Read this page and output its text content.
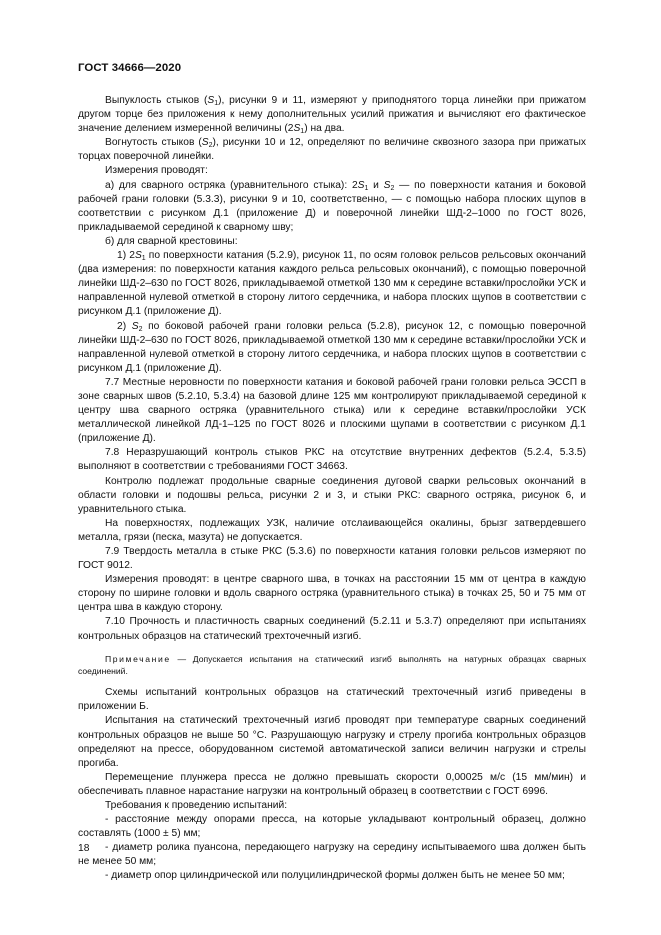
ГОСТ 34666—2020

Выпуклость стыков $(S_1)$, рисунки 9 и 11, измеряют у приподнятого торца линейки при прижатом другом торце без приложения к нему дополнительных усилий прижатия и вычисляют его фактическое значение делением измеренной величины $(2S_1)$ на два.

Вогнутость стыков $(S_2)$, рисунки 10 и 12, определяют по величине сквозного зазора при прижатых торцах поверочной линейки.

Измерения проводят:

а) для сварного остряка (уравнительного стыка): $2S_1$ и $S_2$ — по поверхности катания и боковой рабочей грани головки (5.3.3), рисунки 9 и 10, соответственно, — с помощью набора плоских щупов в соответствии с рисунком Д.1 (приложение Д) и поверочной линейки ШД-2–1000 по ГОСТ 8026, прикладываемой серединой к сварному шву;

б) для сварной крестовины:

1) $2S_1$ по поверхности катания (5.2.9), рисунок 11, по осям головок рельсов рельсовых окончаний (два измерения: по поверхности катания каждого рельса рельсовых окончаний), с помощью поверочной линейки ШД-2–630 по ГОСТ 8026, прикладываемой отметкой 130 мм к середине вставки/прослойки УСК и направленной нулевой отметкой в сторону литого сердечника, и набора плоских щупов в соответствии с рисунком Д.1 (приложение Д).

2) $S_2$ по боковой рабочей грани головки рельса (5.2.8), рисунок 12, с помощью поверочной линейки ШД-2–630 по ГОСТ 8026, прикладываемой отметкой 130 мм к середине вставки/прослойки УСК и направленной нулевой отметкой в сторону литого сердечника, и набора плоских щупов в соответствии с рисунком Д.1 (приложение Д).

7.7 Местные неровности по поверхности катания и боковой рабочей грани головки рельса ЭССП в зоне сварных швов (5.2.10, 5.3.4) на базовой длине 125 мм контролируют прикладываемой серединой к центру шва сварного остряка (уравнительного стыка) или к середине вставки/прослойки УСК металлической линейкой ЛД-1–125 по ГОСТ 8026 и плоскими щупами в соответствии с рисунком Д.1 (приложение Д).

7.8 Неразрушающий контроль стыков РКС на отсутствие внутренних дефектов (5.2.4, 5.3.5) выполняют в соответствии с требованиями ГОСТ 34663.

Контролю подлежат продольные сварные соединения дуговой сварки рельсовых окончаний в области головки и подошвы рельса, рисунки 2 и 3, и стыки РКС: сварного остряка, рисунок 6, и уравнительного стыка.

На поверхностях, подлежащих УЗК, наличие отслаивающейся окалины, брызг затвердевшего металла, грязи (песка, мазута) не допускается.

7.9 Твердость металла в стыке РКС (5.3.6) по поверхности катания головки рельсов измеряют по ГОСТ 9012.

Измерения проводят: в центре сварного шва, в точках на расстоянии 15 мм от центра в каждую сторону по ширине головки и вдоль сварного остряка (уравнительного стыка) в точках 25, 50 и 75 мм от центра шва в каждую сторону.

7.10 Прочность и пластичность сварных соединений (5.2.11 и 5.3.7) определяют при испытаниях контрольных образцов на статический трехточечный изгиб.

Примечание — Допускается испытания на статический изгиб выполнять на натурных образцах сварных соединений.

Схемы испытаний контрольных образцов на статический трехточечный изгиб приведены в приложении Б.

Испытания на статический трехточечный изгиб проводят при температуре сварных соединений контрольных образцов не выше 50 °С. Разрушающую нагрузку и стрелу прогиба контрольных образцов определяют на прессе, оборудованном системой автоматической записи величин нагрузки и стрелы прогиба.

Перемещение плунжера пресса не должно превышать скорости 0,00025 м/с (15 мм/мин) и обеспечивать плавное нарастание нагрузки на контрольный образец в соответствии с ГОСТ 6996.

Требования к проведению испытаний:

- расстояние между опорами пресса, на которые укладывают контрольный образец, должно составлять (1000 ± 5) мм;

- диаметр ролика пуансона, передающего нагрузку на середину испытываемого шва должен быть не менее 50 мм;

- диаметр опор цилиндрической или полуцилиндрической формы должен быть не менее 50 мм;

18
